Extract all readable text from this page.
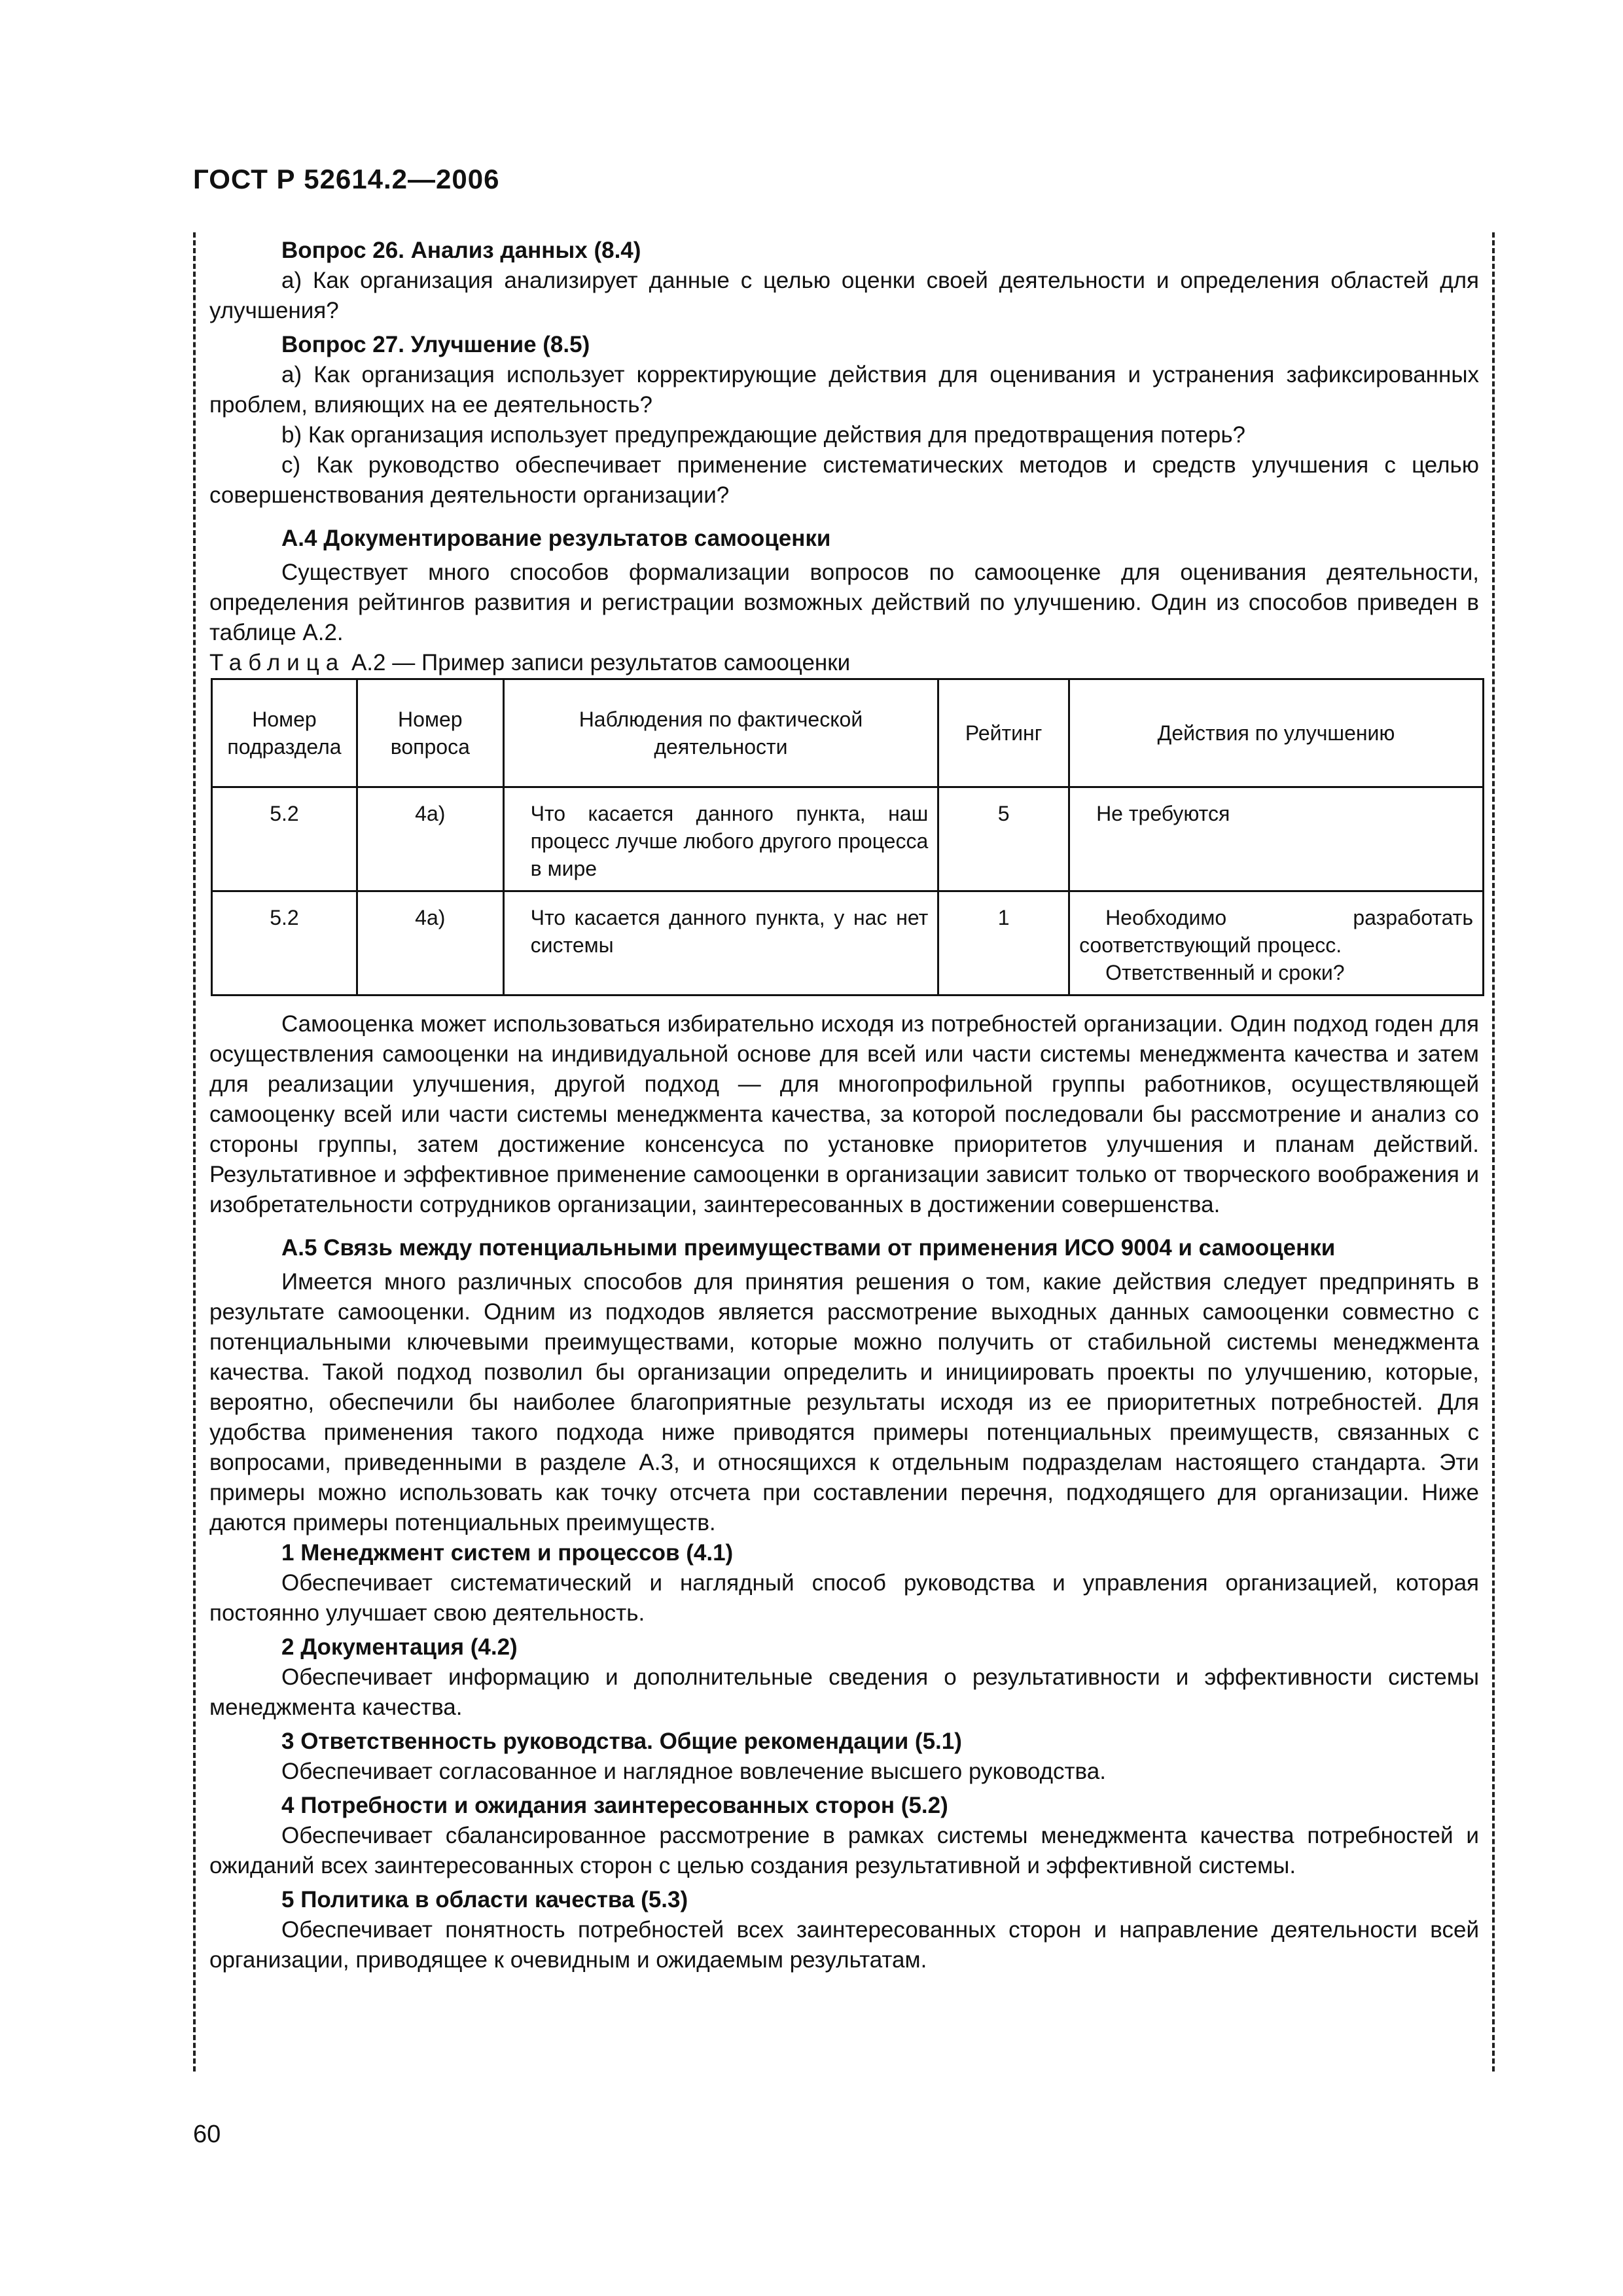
ГОСТ Р 52614.2—2006
Вопрос 26. Анализ данных (8.4)

a) Как организация анализирует данные с целью оценки своей деятельности и определения областей для улучшения?

Вопрос 27. Улучшение (8.5)

a) Как организация использует корректирующие действия для оценивания и устранения зафиксированных проблем, влияющих на ее деятельность?

b) Как организация использует предупреждающие действия для предотвращения потерь?

c) Как руководство обеспечивает применение систематических методов и средств улучшения с целью совершенствования деятельности организации?

А.4 Документирование результатов самооценки

Существует много способов формализации вопросов по самооценке для оценивания деятельности, определения рейтингов развития и регистрации возможных действий по улучшению. Один из способов приведен в таблице А.2.

Таблица А.2 — Пример записи результатов самооценки

Номер подраздела	Номер вопроса	Наблюдения по фактической деятельности	Рейтинг	Действия по улучшению
5.2	4a)	Что касается данного пункта, наш процесс лучше любого другого процесса в мире	5	Не требуются

5.2	4a)	Что касается данного пункта, у нас нет системы	1	Необходимо разработать соответствующий процесс.
Ответственный и сроки?

Самооценка может использоваться избирательно исходя из потребностей организации. Один подход годен для осуществления самооценки на индивидуальной основе для всей или части системы менеджмента качества и затем для реализации улучшения, другой подход — для многопрофильной группы работников, осуществляющей самооценку всей или части системы менеджмента качества, за которой последовали бы рассмотрение и анализ со стороны группы, затем достижение консенсуса по установке приоритетов улучшения и планам действий. Результативное и эффективное применение самооценки в организации зависит только от творческого воображения и изобретательности сотрудников организации, заинтересованных в достижении совершенства.

А.5 Связь между потенциальными преимуществами от применения ИСО 9004 и самооценки

Имеется много различных способов для принятия решения о том, какие действия следует предпринять в результате самооценки. Одним из подходов является рассмотрение выходных данных самооценки совместно с потенциальными ключевыми преимуществами, которые можно получить от стабильной системы менеджмента качества. Такой подход позволил бы организации определить и инициировать проекты по улучшению, которые, вероятно, обеспечили бы наиболее благоприятные результаты исходя из ее приоритетных потребностей. Для удобства применения такого подхода ниже приводятся примеры потенциальных преимуществ, связанных с вопросами, приведенными в разделе А.3, и относящихся к отдельным подразделам настоящего стандарта. Эти примеры можно использовать как точку отсчета при составлении перечня, подходящего для организации. Ниже даются примеры потенциальных преимуществ.

1 Менеджмент систем и процессов (4.1)

Обеспечивает систематический и наглядный способ руководства и управления организацией, которая постоянно улучшает свою деятельность.

2 Документация (4.2)

Обеспечивает информацию и дополнительные сведения о результативности и эффективности системы менеджмента качества.

3 Ответственность руководства. Общие рекомендации (5.1)

Обеспечивает согласованное и наглядное вовлечение высшего руководства.

4 Потребности и ожидания заинтересованных сторон (5.2)

Обеспечивает сбалансированное рассмотрение в рамках системы менеджмента качества потребностей и ожиданий всех заинтересованных сторон с целью создания результативной и эффективной системы.

5 Политика в области качества (5.3)

Обеспечивает понятность потребностей всех заинтересованных сторон и направление деятельности всей организации, приводящее к очевидным и ожидаемым результатам.

60
